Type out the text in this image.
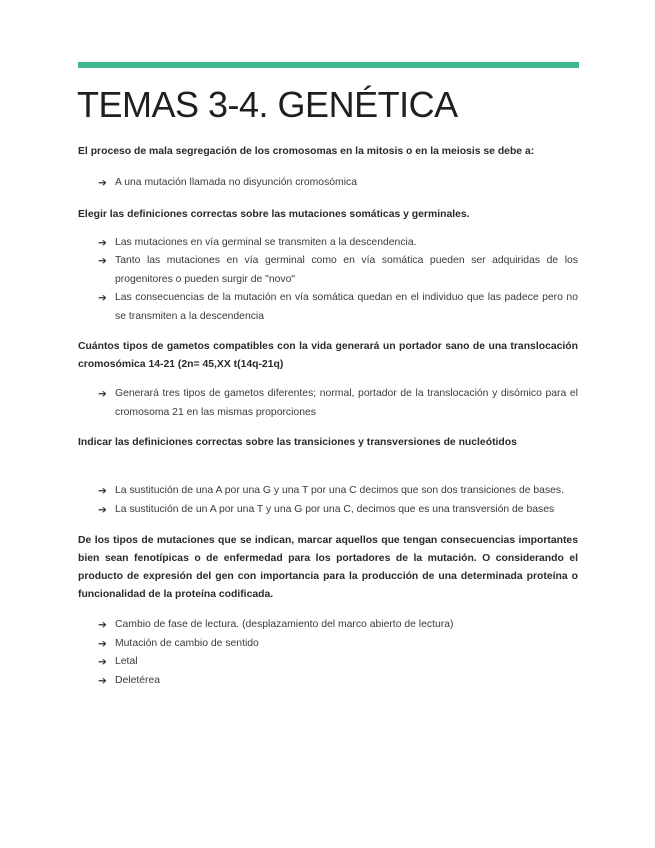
TEMAS 3-4. GENÉTICA

El proceso de mala segregación de los cromosomas en la mitosis o en la meiosis se debe a:

➔ A una mutación llamada no disyunción cromosómica

Elegir las definiciones correctas sobre las mutaciones somáticas y germinales.

➔ Las mutaciones en vía germinal se transmiten a la descendencia.
➔ Tanto las mutaciones en vía germinal como en vía somática pueden ser adquiridas de los progenitores o pueden surgir de "novo"
➔ Las consecuencias de la mutación en vía somática quedan en el individuo que las padece pero no se transmiten a la descendencia

Cuántos tipos de gametos compatibles con la vida generará un portador sano de una translocación cromosómica 14-21 (2n= 45,XX t(14q-21q)

➔ Generará tres tipos de gametos diferentes; normal, portador de la translocación y disómico para el cromosoma 21 en las mismas proporciones

Indicar las definiciones correctas sobre las transiciones y transversiones de nucleótidos

➔ La sustitución de una A por una G y una T por una C decimos que son dos transiciones de bases.
➔ La sustitución de un A por una T y una G por una C, decimos que es una transversión de bases

De los tipos de mutaciones que se indican, marcar aquellos que tengan consecuencias importantes bien sean fenotípicas o de enfermedad para los portadores de la mutación. O considerando el producto de expresión del gen con importancia para la producción de una determinada proteína o funcionalidad de la proteína codificada.

➔ Cambio de fase de lectura. (desplazamiento del marco abierto de lectura)
➔ Mutación de cambio de sentido
➔ Letal
➔ Deletérea
